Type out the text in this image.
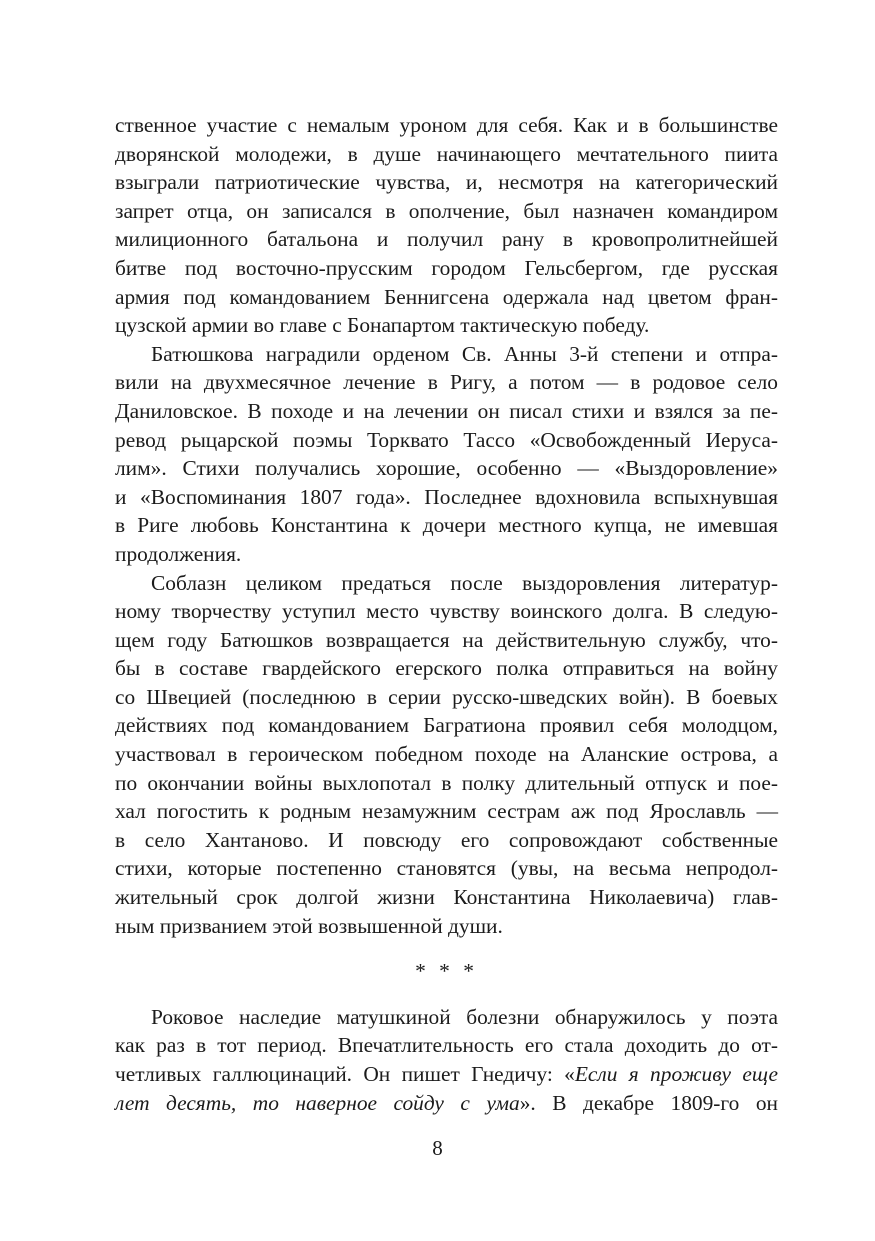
ственное участие с немалым уроном для себя. Как и в большинстве
дворянской молодежи, в душе начинающего мечтательного пиита
взыграли патриотические чувства, и, несмотря на категорический
запрет отца, он записался в ополчение, был назначен командиром
милиционного батальона и получил рану в кровопролитнейшей
битве под восточно-прусским городом Гельсбергом, где русская
армия под командованием Беннигсена одержала над цветом фран-
цузской армии во главе с Бонапартом тактическую победу.
Батюшкова наградили орденом Св. Анны 3-й степени и отпра-
вили на двухмесячное лечение в Ригу, а потом — в родовое село
Даниловское. В походе и на лечении он писал стихи и взялся за пе-
ревод рыцарской поэмы Торквато Тассо «Освобожденный Иеруса-
лим». Стихи получались хорошие, особенно — «Выздоровление»
и «Воспоминания 1807 года». Последнее вдохновила вспыхнувшая
в Риге любовь Константина к дочери местного купца, не имевшая
продолжения.
Соблазн целиком предаться после выздоровления литератур-
ному творчеству уступил место чувству воинского долга. В следую-
щем году Батюшков возвращается на действительную службу, что-
бы в составе гвардейского егерского полка отправиться на войну
со Швецией (последнюю в серии русско-шведских войн). В боевых
действиях под командованием Багратиона проявил себя молодцом,
участвовал в героическом победном походе на Аланские острова, а
по окончании войны выхлопотал в полку длительный отпуск и пое-
хал погостить к родным незамужним сестрам аж под Ярославль —
в село Хантаново. И повсюду его сопровождают собственные
стихи, которые постепенно становятся (увы, на весьма непродол-
жительный срок долгой жизни Константина Николаевича) глав-
ным призванием этой возвышенной души.
* * *
Роковое наследие матушкиной болезни обнаружилось у поэта
как раз в тот период. Впечатлительность его стала доходить до от-
четливых галлюцинаций. Он пишет Гнедичу: «Если я проживу еще
лет десять, то наверное сойду с ума». В декабре 1809-го он
8
